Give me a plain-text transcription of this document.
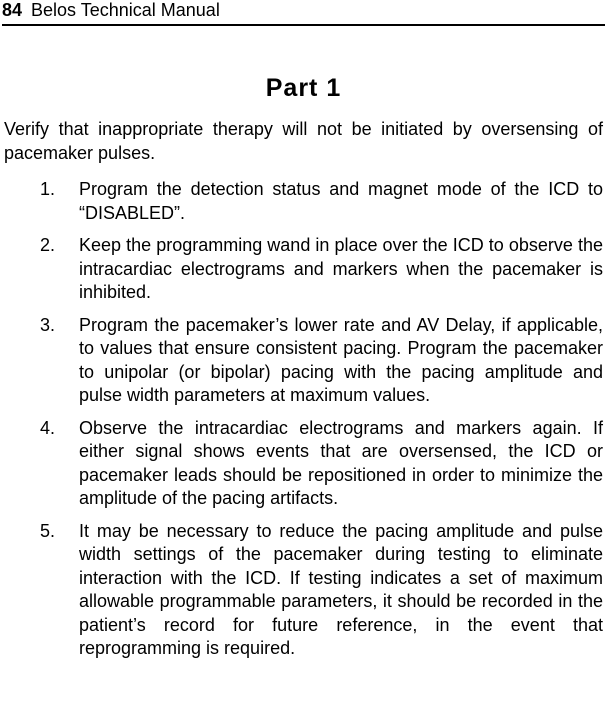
84 Belos Technical Manual
Part 1

Verify that inappropriate therapy will not be initiated by oversensing of pacemaker pulses.

1. Program the detection status and magnet mode of the ICD to “DISABLED”.
2. Keep the programming wand in place over the ICD to observe the intracardiac electrograms and markers when the pacemaker is inhibited.
3. Program the pacemaker’s lower rate and AV Delay, if applicable, to values that ensure consistent pacing. Program the pacemaker to unipolar (or bipolar) pacing with the pacing amplitude and pulse width parameters at maximum values.
4. Observe the intracardiac electrograms and markers again. If either signal shows events that are oversensed, the ICD or pacemaker leads should be repositioned in order to minimize the amplitude of the pacing artifacts.
5. It may be necessary to reduce the pacing amplitude and pulse width settings of the pacemaker during testing to eliminate interaction with the ICD. If testing indicates a set of maximum allowable programmable parameters, it should be recorded in the patient’s record for future reference, in the event that reprogramming is required.
